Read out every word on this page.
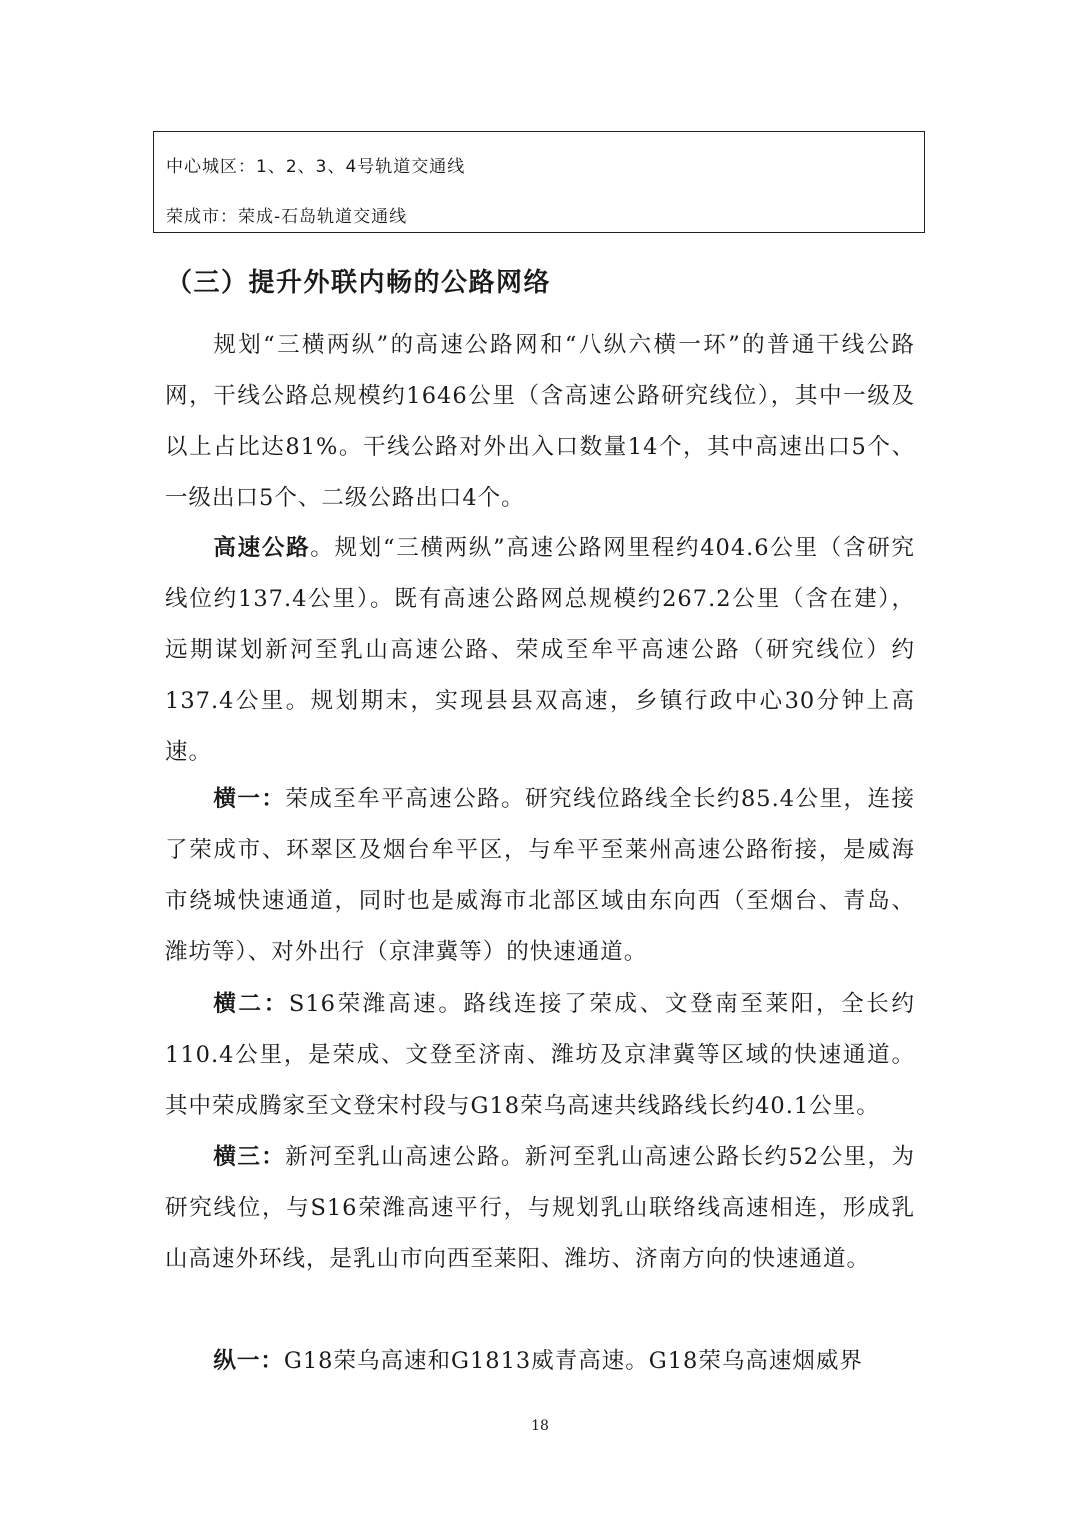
中心城区：1、2、3、4号轨道交通线
荣成市：荣成-石岛轨道交通线
（三）提升外联内畅的公路网络
规划“三横两纵”的高速公路网和“八纵六横一环”的普通干线公路网，干线公路总规模约1646公里（含高速公路研究线位），其中一级及以上占比达81%。干线公路对外出入口数量14个，其中高速出口5个、一级出口5个、二级公路出口4个。
高速公路。规划“三横两纵”高速公路网里程约404.6公里（含研究线位约137.4公里）。既有高速公路网总规模约267.2公里（含在建），远期谋划新河至乳山高速公路、荣成至牟平高速公路（研究线位）约137.4公里。规划期末，实现县县双高速，乡镇行政中心30分钟上高速。
横一：荣成至牟平高速公路。研究线位路线全长约85.4公里，连接了荣成市、环翠区及烟台牟平区，与牟平至莱州高速公路衔接，是威海市绕城快速通道，同时也是威海市北部区域由东向西（至烟台、青岛、潍坊等）、对外出行（京津冀等）的快速通道。
横二：S16荣潍高速。路线连接了荣成、文登南至莱阳，全长约110.4公里，是荣成、文登至济南、潍坊及京津冀等区域的快速通道。其中荣成腾家至文登宋村段与G18荣乌高速共线路线长约40.1公里。
横三：新河至乳山高速公路。新河至乳山高速公路长约52公里，为研究线位，与S16荣潍高速平行，与规划乳山联络线高速相连，形成乳山高速外环线，是乳山市向西至莱阳、潍坊、济南方向的快速通道。
纵一：G18荣乌高速和G1813威青高速。G18荣乌高速烟威界
18
